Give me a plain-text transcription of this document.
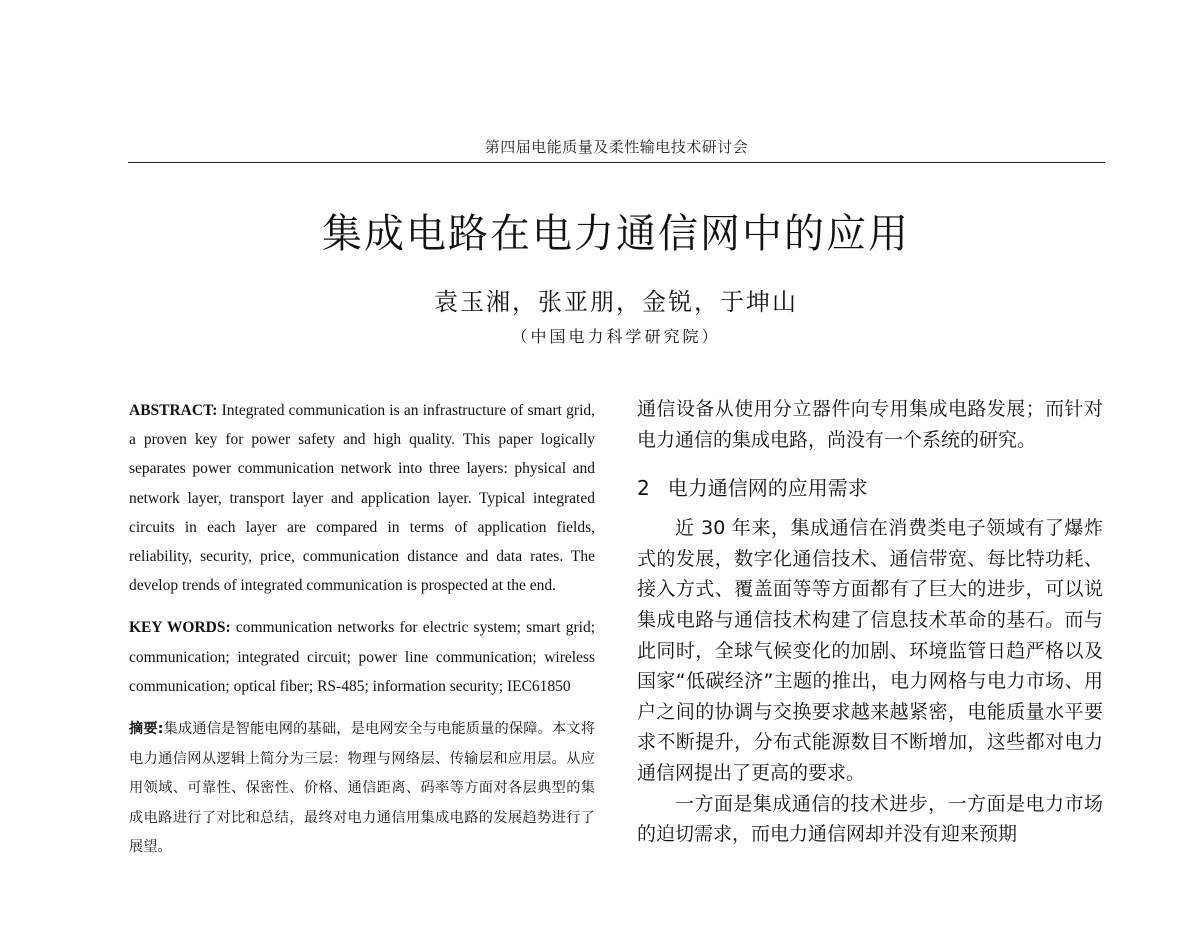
第四届电能质量及柔性输电技术研讨会
集成电路在电力通信网中的应用
袁玉湘，张亚朋，金锐，于坤山
（中国电力科学研究院）

ABSTRACT: Integrated communication is an infrastructure of smart grid, a proven key for power safety and high quality. This paper logically separates power communication network into three layers: physical and network layer, transport layer and application layer. Typical integrated circuits in each layer are compared in terms of application fields, reliability, security, price, communication distance and data rates. The develop trends of integrated communication is prospected at the end.

KEY WORDS: communication networks for electric system; smart grid; communication; integrated circuit; power line communication; wireless communication; optical fiber; RS-485; information security; IEC61850

摘要:集成通信是智能电网的基础，是电网安全与电能质量的保障。本文将电力通信网从逻辑上简分为三层：物理与网络层、传输层和应用层。从应用领域、可靠性、保密性、价格、通信距离、码率等方面对各层典型的集成电路进行了对比和总结，最终对电力通信用集成电路的发展趋势进行了展望。

通信设备从使用分立器件向专用集成电路发展；而针对电力通信的集成电路，尚没有一个系统的研究。

2 电力通信网的应用需求

近 30 年来，集成通信在消费类电子领域有了爆炸式的发展，数字化通信技术、通信带宽、每比特功耗、接入方式、覆盖面等等方面都有了巨大的进步，可以说集成电路与通信技术构建了信息技术革命的基石。而与此同时，全球气候变化的加剧、环境监管日趋严格以及国家“低碳经济”主题的推出，电力网格与电力市场、用户之间的协调与交换要求越来越紧密，电能质量水平要求不断提升，分布式能源数目不断增加，这些都对电力通信网提出了更高的要求。

一方面是集成通信的技术进步，一方面是电力市场的迫切需求，而电力通信网却并没有迎来预期
